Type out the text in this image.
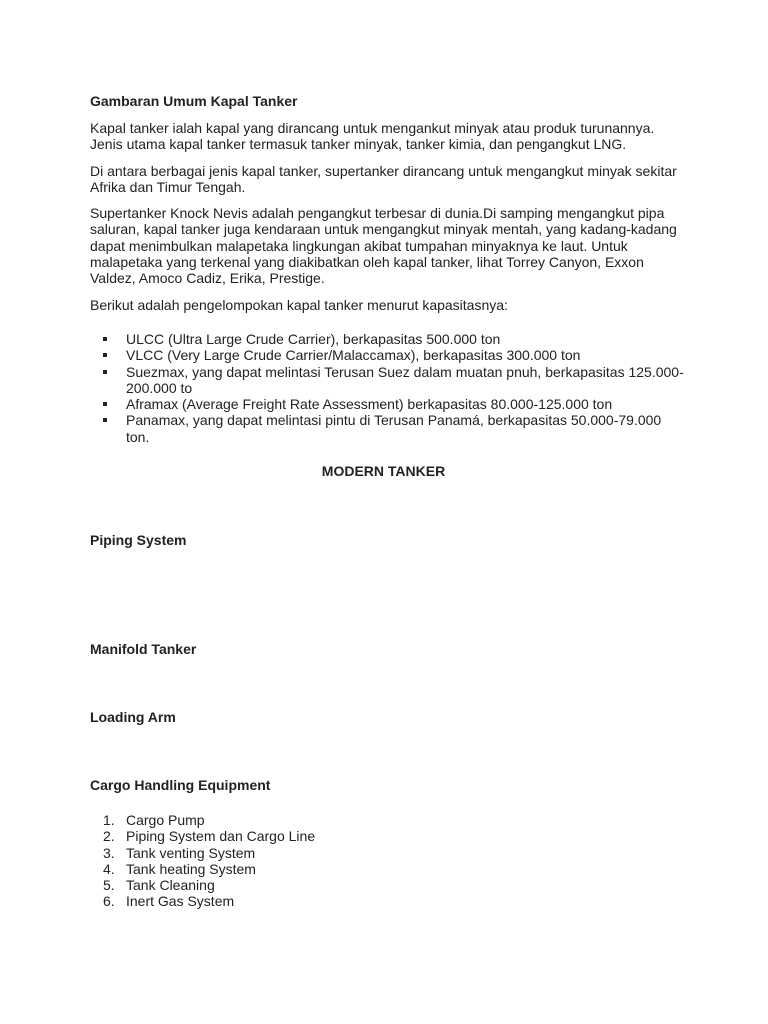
Gambaran Umum Kapal Tanker

Kapal tanker ialah kapal yang dirancang untuk mengankut minyak atau produk turunannya.
Jenis utama kapal tanker termasuk tanker minyak, tanker kimia, dan pengangkut LNG.

Di antara berbagai jenis kapal tanker, supertanker dirancang untuk mengangkut minyak sekitar
Afrika dan Timur Tengah.

Supertanker Knock Nevis adalah pengangkut terbesar di dunia.Di samping mengangkut pipa
saluran, kapal tanker juga kendaraan untuk mengangkut minyak mentah, yang kadang-kadang
dapat menimbulkan malapetaka lingkungan akibat tumpahan minyaknya ke laut. Untuk
malapetaka yang terkenal yang diakibatkan oleh kapal tanker, lihat Torrey Canyon, Exxon
Valdez, Amoco Cadiz, Erika, Prestige.

Berikut adalah pengelompokan kapal tanker menurut kapasitasnya:

ULCC (Ultra Large Crude Carrier), berkapasitas 500.000 ton
VLCC (Very Large Crude Carrier/Malaccamax), berkapasitas 300.000 ton
Suezmax, yang dapat melintasi Terusan Suez dalam muatan pnuh, berkapasitas 125.000-
200.000 to
Aframax (Average Freight Rate Assessment) berkapasitas 80.000-125.000 ton
Panamax, yang dapat melintasi pintu di Terusan Panamá, berkapasitas 50.000-79.000
ton.
MODERN TANKER
Piping System
Manifold Tanker
Loading Arm
Cargo Handling Equipment
1. Cargo Pump
2. Piping System dan Cargo Line
3. Tank venting System
4. Tank heating System
5. Tank Cleaning
6. Inert Gas System
